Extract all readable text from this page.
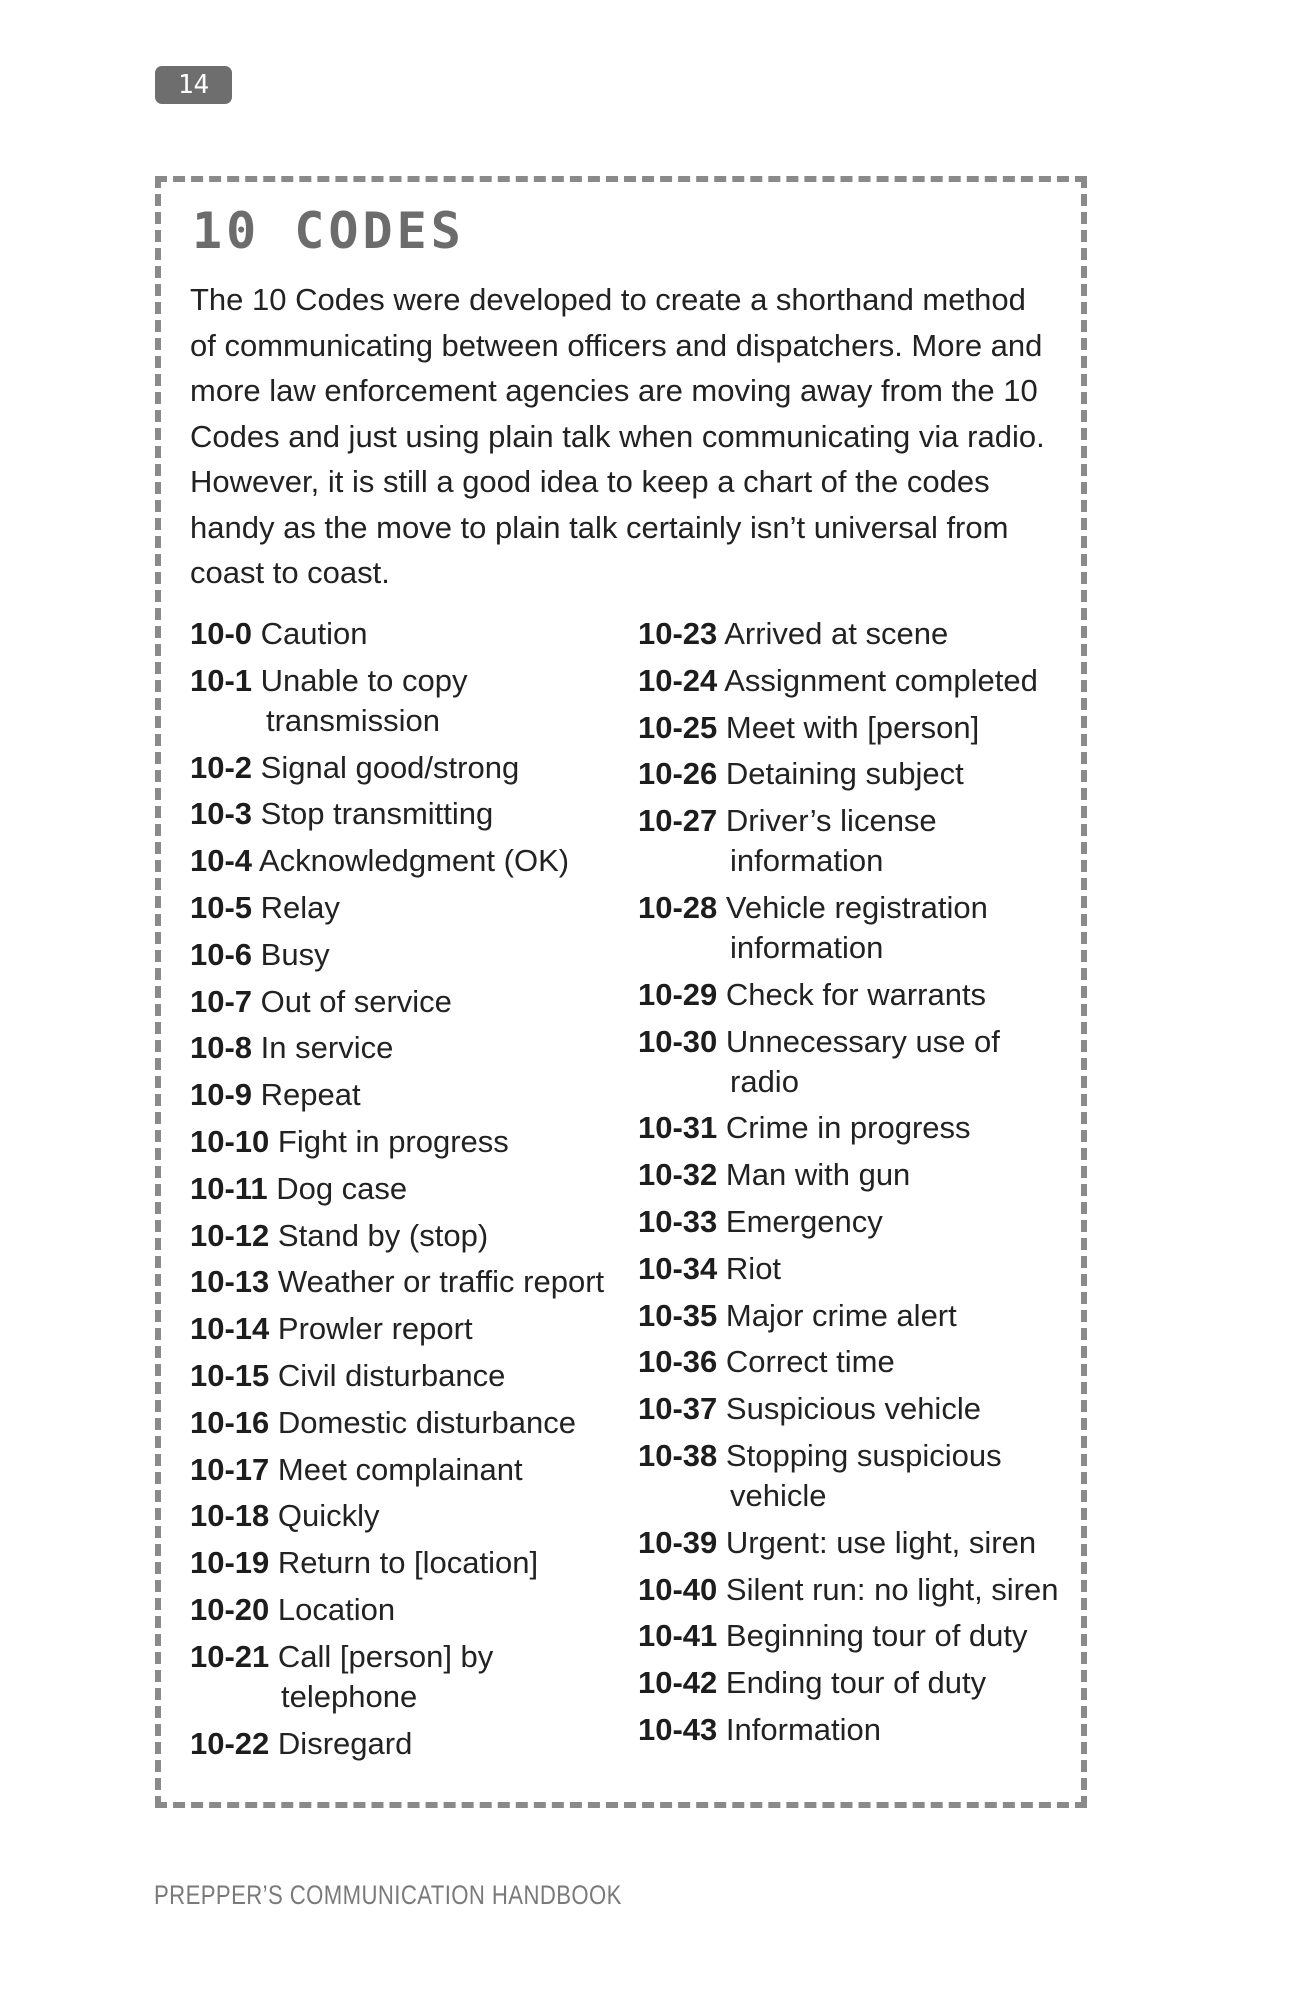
14
10 CODES

The 10 Codes were developed to create a shorthand method of communicating between officers and dispatchers. More and more law enforcement agencies are moving away from the 10 Codes and just using plain talk when communicating via radio. However, it is still a good idea to keep a chart of the codes handy as the move to plain talk certainly isn’t universal from coast to coast.

10-0 Caution
10-1 Unable to copy transmission
10-2 Signal good/strong
10-3 Stop transmitting
10-4 Acknowledgment (OK)
10-5 Relay
10-6 Busy
10-7 Out of service
10-8 In service
10-9 Repeat
10-10 Fight in progress
10-11 Dog case
10-12 Stand by (stop)
10-13 Weather or traffic report
10-14 Prowler report
10-15 Civil disturbance
10-16 Domestic disturbance
10-17 Meet complainant
10-18 Quickly
10-19 Return to [location]
10-20 Location
10-21 Call [person] by telephone
10-22 Disregard
10-23 Arrived at scene
10-24 Assignment completed
10-25 Meet with [person]
10-26 Detaining subject
10-27 Driver’s license information
10-28 Vehicle registration information
10-29 Check for warrants
10-30 Unnecessary use of radio
10-31 Crime in progress
10-32 Man with gun
10-33 Emergency
10-34 Riot
10-35 Major crime alert
10-36 Correct time
10-37 Suspicious vehicle
10-38 Stopping suspicious vehicle
10-39 Urgent: use light, siren
10-40 Silent run: no light, siren
10-41 Beginning tour of duty
10-42 Ending tour of duty
10-43 Information

PREPPER’S COMMUNICATION HANDBOOK
